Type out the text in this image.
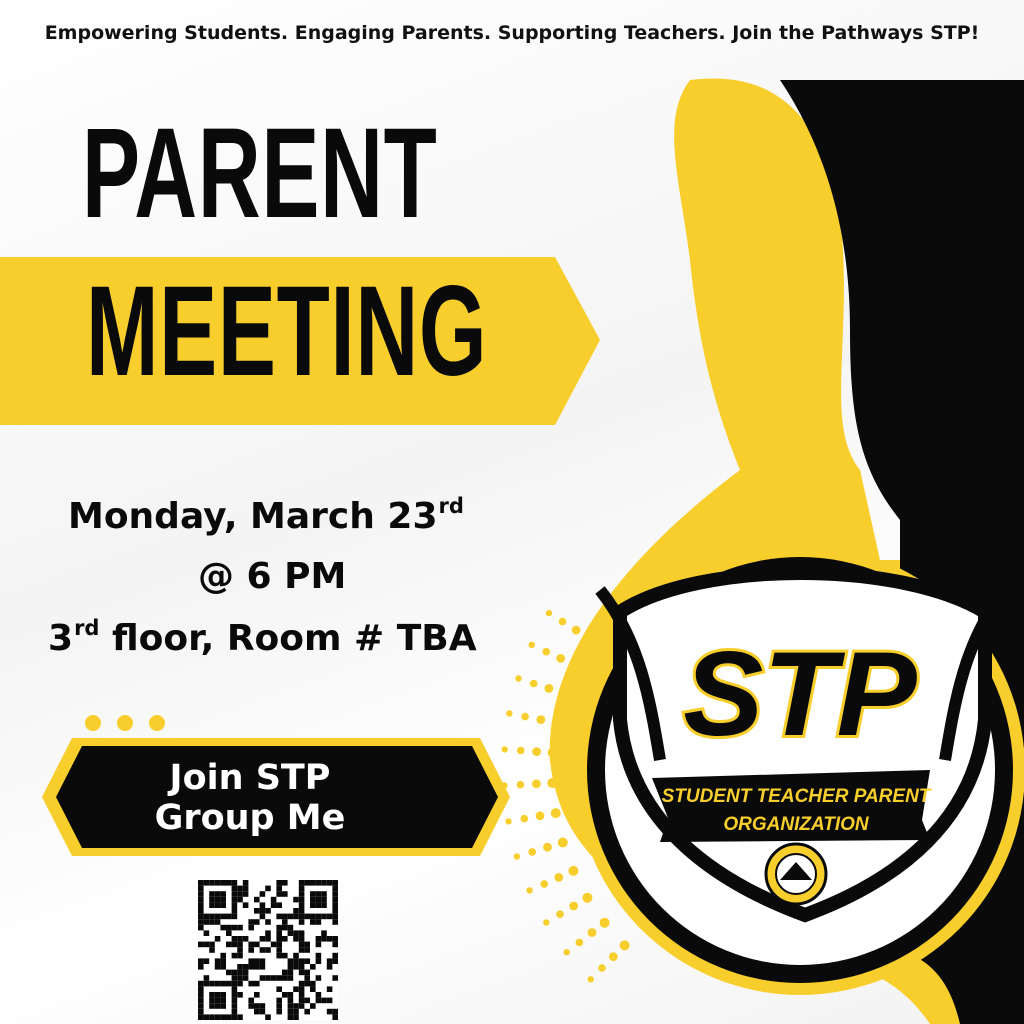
STP
STUDENT TEACHER PARENT
ORGANIZATION
Empowering Students. Engaging Parents. Supporting Teachers. Join the Pathways STP!
PARENT
MEETING
Monday, March 23rd
@ 6 PM
3rd floor, Room # TBA
Join STP
Group Me
